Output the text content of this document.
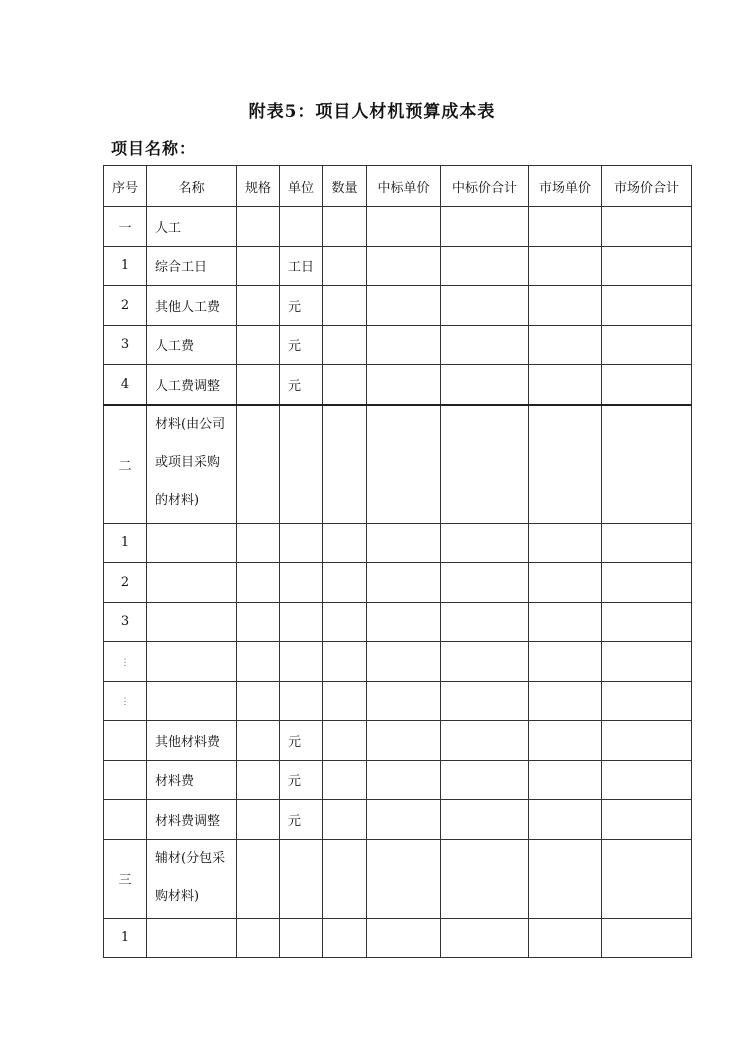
附表5：项目人材机预算成本表
项目名称：
序号	名称	规格	单位	数量	中标单价	中标价合计	市场单价	市场价合计
一	人工							
1	综合工日		工日					
2	其他人工费		元					
3	人工费		元					
4	人工费调整		元					
二	材料(由公司
或项目采购
的材料)							

1								
2								
3								
⋮								
⋮								
	其他材料费		元					
	材料费		元					
	材料费调整		元					
三	辅材(分包采
购材料)							

1								
